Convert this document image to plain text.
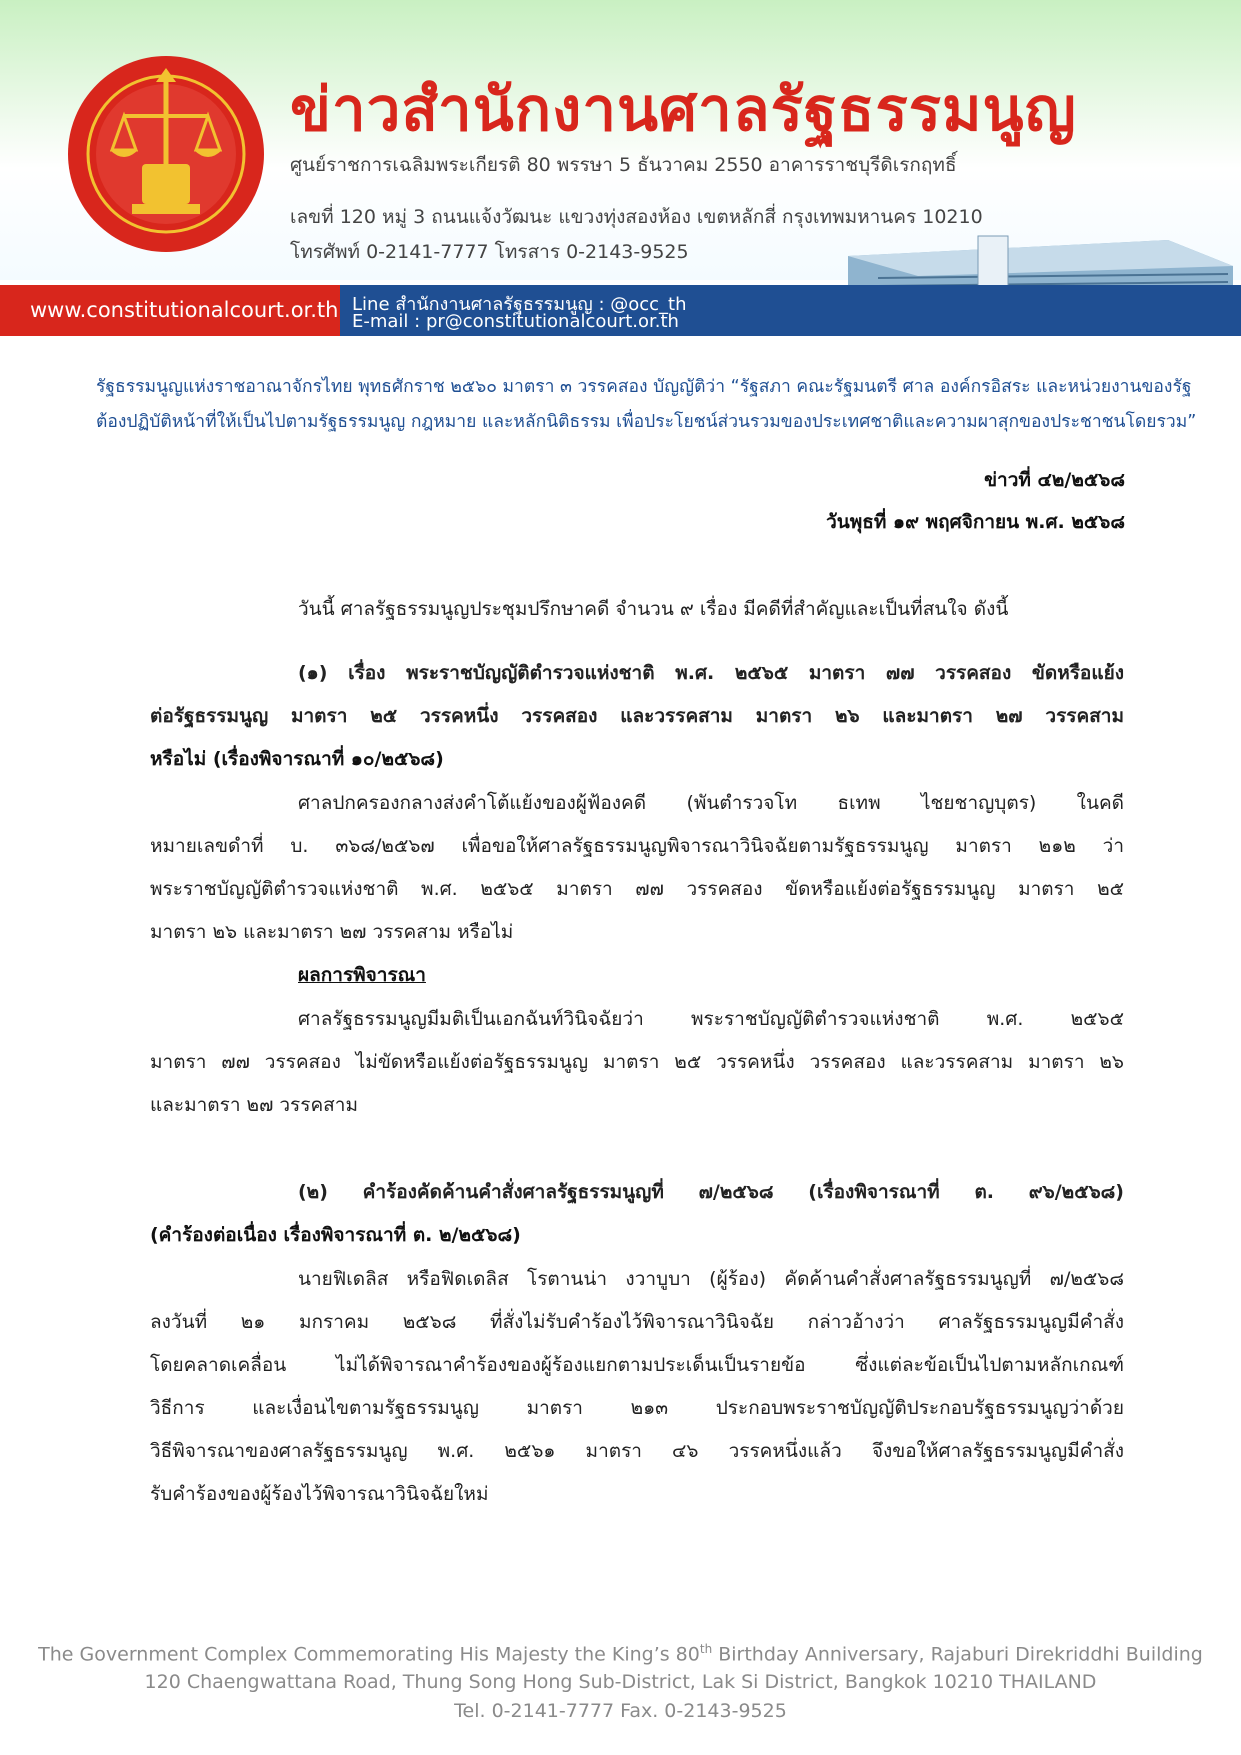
ข่าวสำนักงานศาลรัฐธรรมนูญ
ศูนย์ราชการเฉลิมพระเกียรติ 80 พรรษา 5 ธันวาคม 2550 อาคารราชบุรีดิเรกฤทธิ์
เลขที่ 120 หมู่ 3 ถนนแจ้งวัฒนะ แขวงทุ่งสองห้อง เขตหลักสี่ กรุงเทพมหานคร 10210
โทรศัพท์ 0-2141-7777 โทรสาร 0-2143-9525
www.constitutionalcourt.or.th Line สำนักงานศาลรัฐธรรมนูญ : @occ_th
E-mail : pr@constitutionalcourt.or.th
รัฐธรรมนูญแห่งราชอาณาจักรไทย พุทธศักราช ๒๕๖๐ มาตรา ๓ วรรคสอง บัญญัติว่า “รัฐสภา คณะรัฐมนตรี ศาล องค์กรอิสระ และหน่วยงานของรัฐ
ต้องปฏิบัติหน้าที่ให้เป็นไปตามรัฐธรรมนูญ กฎหมาย และหลักนิติธรรม เพื่อประโยชน์ส่วนรวมของประเทศชาติและความผาสุกของประชาชนโดยรวม”
ข่าวที่ ๔๒/๒๕๖๘
วันพุธที่ ๑๙ พฤศจิกายน พ.ศ. ๒๕๖๘
วันนี้ ศาลรัฐธรรมนูญประชุมปรึกษาคดี จำนวน ๙ เรื่อง มีคดีที่สำคัญและเป็นที่สนใจ ดังนี้
(๑) เรื่อง พระราชบัญญัติตำรวจแห่งชาติ พ.ศ. ๒๕๖๕ มาตรา ๗๗ วรรคสอง ขัดหรือแย้ง
ต่อรัฐธรรมนูญ มาตรา ๒๕ วรรคหนึ่ง วรรคสอง และวรรคสาม มาตรา ๒๖ และมาตรา ๒๗ วรรคสาม
หรือไม่ (เรื่องพิจารณาที่ ๑๐/๒๕๖๘)
ศาลปกครองกลางส่งคำโต้แย้งของผู้ฟ้องคดี (พันตำรวจโท ธเทพ ไชยชาญบุตร) ในคดี
หมายเลขดำที่ บ. ๓๖๘/๒๕๖๗ เพื่อขอให้ศาลรัฐธรรมนูญพิจารณาวินิจฉัยตามรัฐธรรมนูญ มาตรา ๒๑๒ ว่า
พระราชบัญญัติตำรวจแห่งชาติ พ.ศ. ๒๕๖๕ มาตรา ๗๗ วรรคสอง ขัดหรือแย้งต่อรัฐธรรมนูญ มาตรา ๒๕
มาตรา ๒๖ และมาตรา ๒๗ วรรคสาม หรือไม่
ผลการพิจารณา
ศาลรัฐธรรมนูญมีมติเป็นเอกฉันท์วินิจฉัยว่า พระราชบัญญัติตำรวจแห่งชาติ พ.ศ. ๒๕๖๕
มาตรา ๗๗ วรรคสอง ไม่ขัดหรือแย้งต่อรัฐธรรมนูญ มาตรา ๒๕ วรรคหนึ่ง วรรคสอง และวรรคสาม มาตรา ๒๖
และมาตรา ๒๗ วรรคสาม
(๒) คำร้องคัดค้านคำสั่งศาลรัฐธรรมนูญที่ ๗/๒๕๖๘ (เรื่องพิจารณาที่ ต. ๙๖/๒๕๖๘)
(คำร้องต่อเนื่อง เรื่องพิจารณาที่ ต. ๒/๒๕๖๘)
นายฟิเดลิส หรือฟิดเดลิส โรตานน่า งวาบูบา (ผู้ร้อง) คัดค้านคำสั่งศาลรัฐธรรมนูญที่ ๗/๒๕๖๘
ลงวันที่ ๒๑ มกราคม ๒๕๖๘ ที่สั่งไม่รับคำร้องไว้พิจารณาวินิจฉัย กล่าวอ้างว่า ศาลรัฐธรรมนูญมีคำสั่ง
โดยคลาดเคลื่อน ไม่ได้พิจารณาคำร้องของผู้ร้องแยกตามประเด็นเป็นรายข้อ ซึ่งแต่ละข้อเป็นไปตามหลักเกณฑ์
วิธีการ และเงื่อนไขตามรัฐธรรมนูญ มาตรา ๒๑๓ ประกอบพระราชบัญญัติประกอบรัฐธรรมนูญว่าด้วย
วิธีพิจารณาของศาลรัฐธรรมนูญ พ.ศ. ๒๕๖๑ มาตรา ๔๖ วรรคหนึ่งแล้ว จึงขอให้ศาลรัฐธรรมนูญมีคำสั่ง
รับคำร้องของผู้ร้องไว้พิจารณาวินิจฉัยใหม่
The Government Complex Commemorating His Majesty the King’s 80th Birthday Anniversary, Rajaburi Direkriddhi Building
120 Chaengwattana Road, Thung Song Hong Sub-District, Lak Si District, Bangkok 10210 THAILAND
Tel. 0-2141-7777 Fax. 0-2143-9525
